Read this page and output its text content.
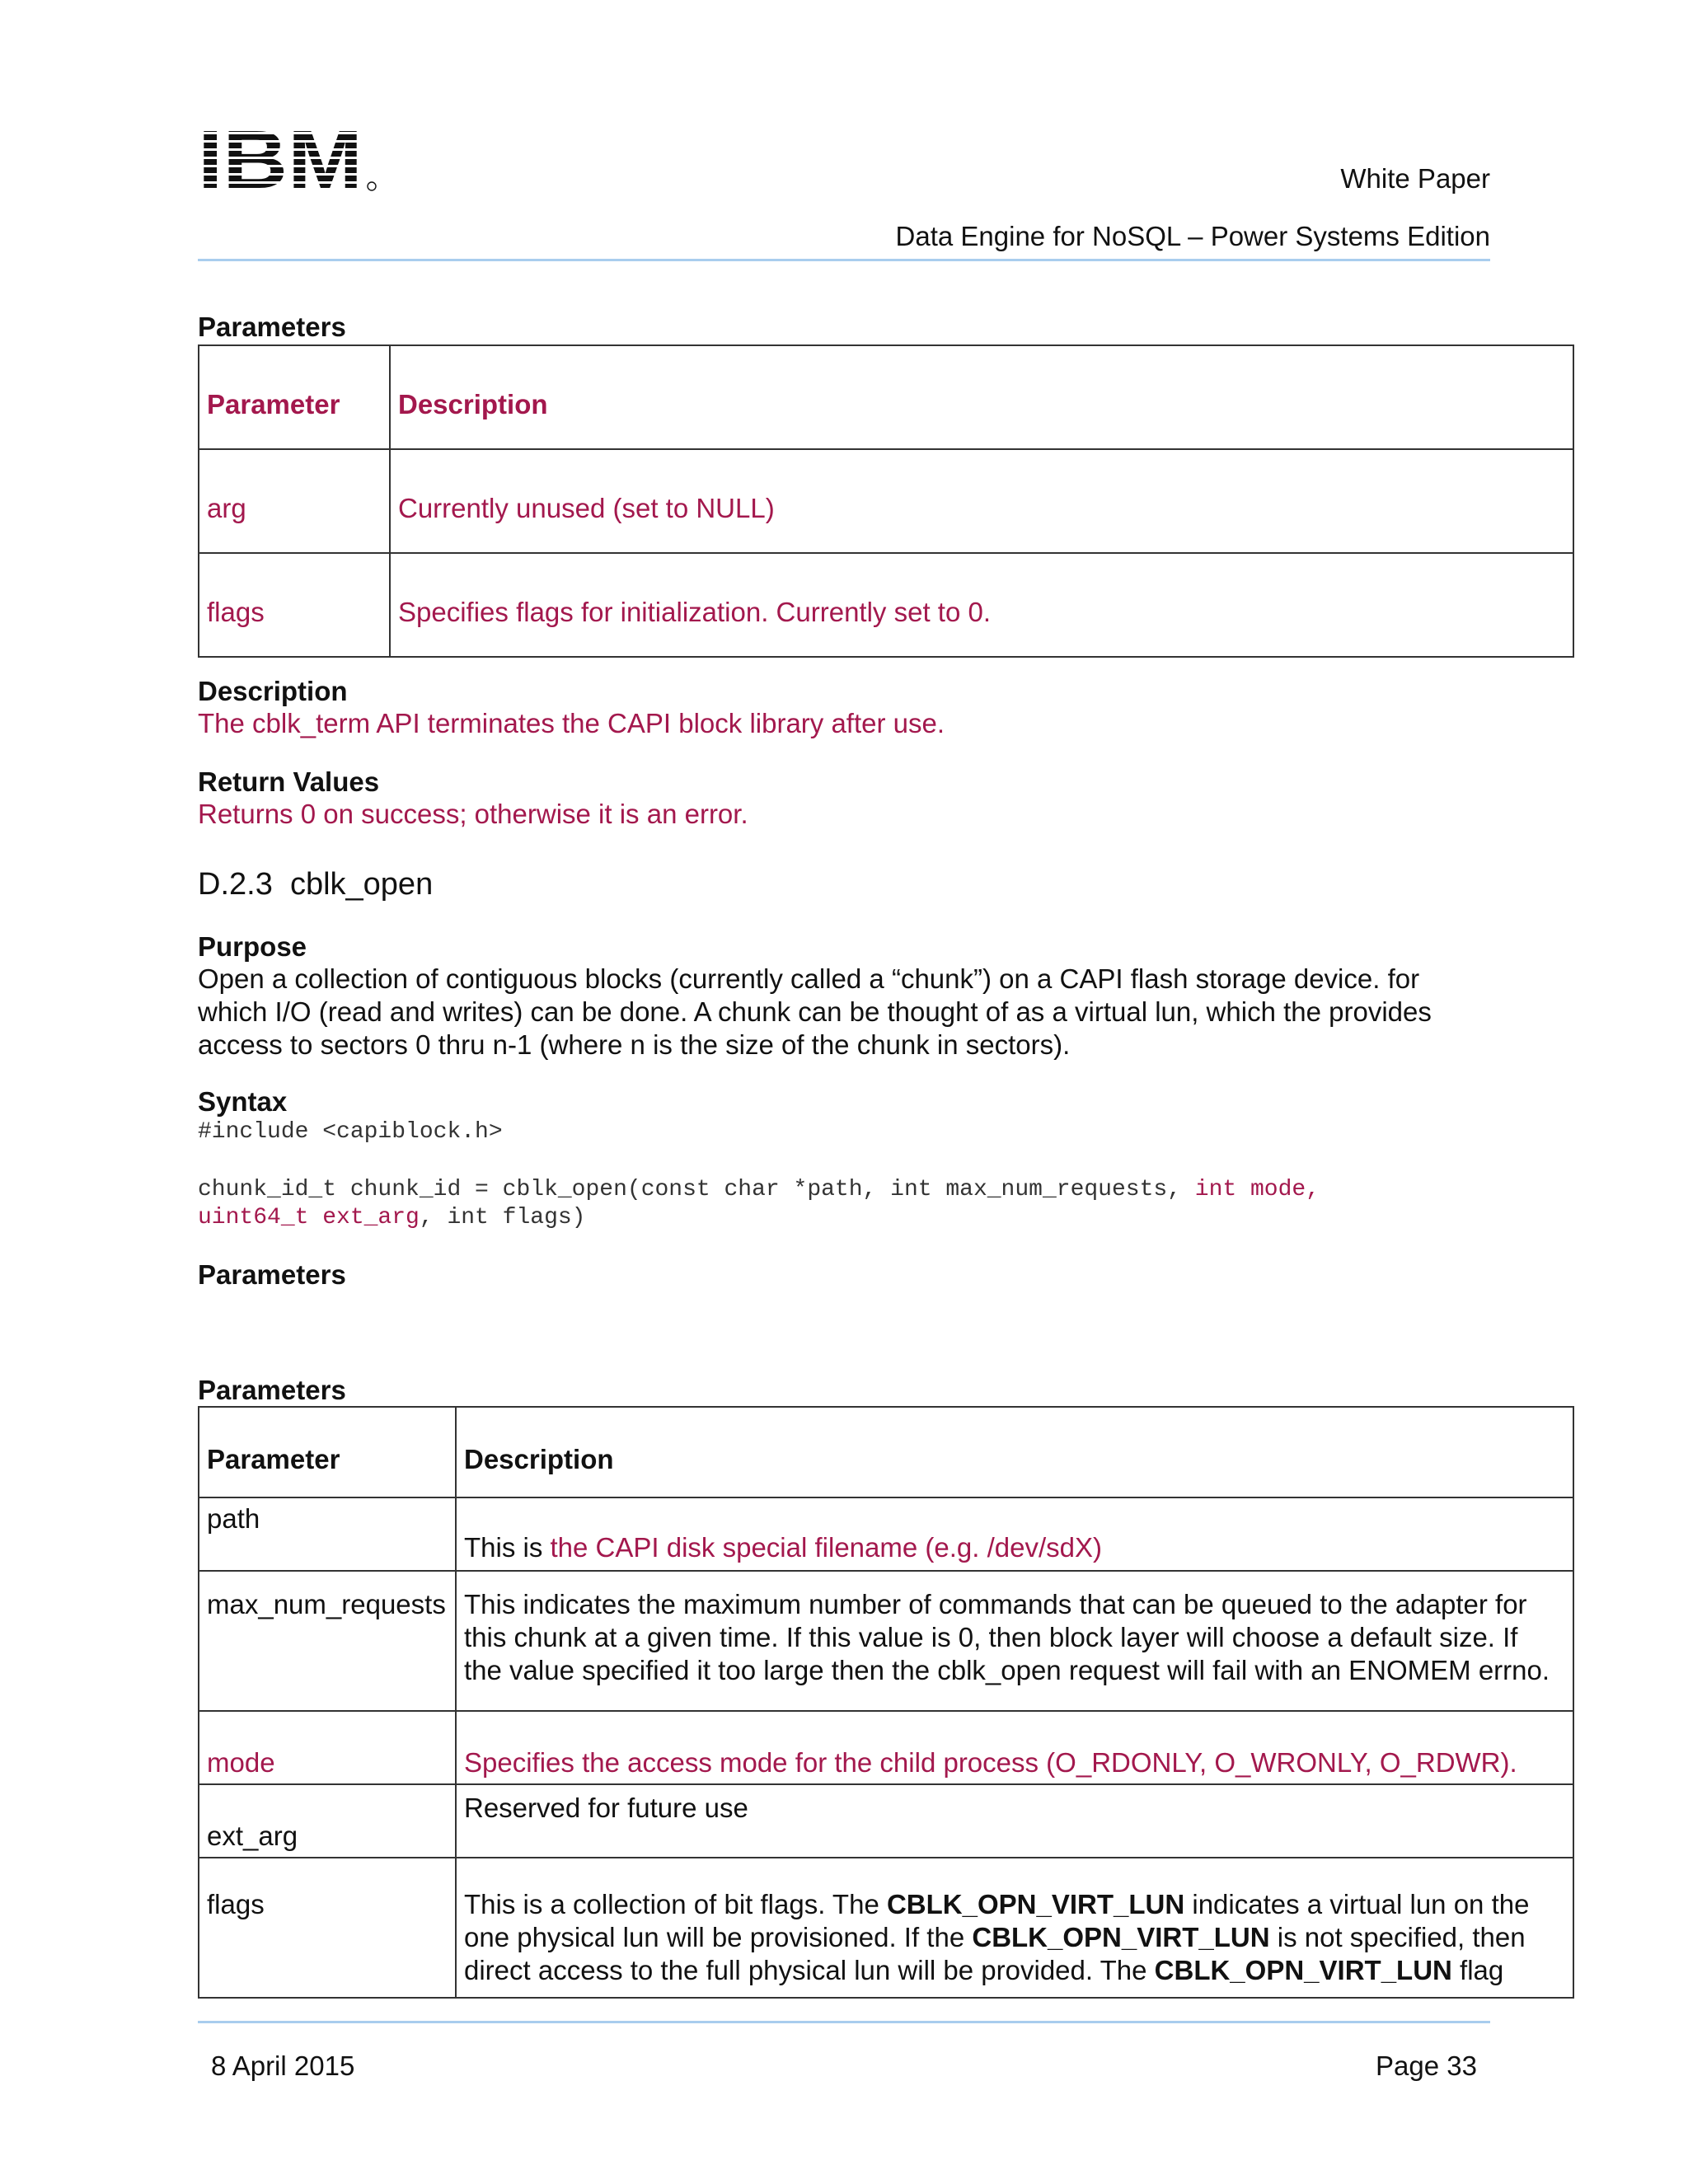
White Paper
Data Engine for NoSQL – Power Systems Edition
Parameters
Parameter	Description
arg	Currently unused (set to NULL)
flags	Specifies flags for initialization. Currently set to 0.
Description
The cblk_term API terminates the CAPI block library after use.
Return Values
Returns 0 on success; otherwise it is an error.
D.2.3 cblk_open
Purpose
Open a collection of contiguous blocks (currently called a “chunk”) on a CAPI flash storage device. for
which I/O (read and writes) can be done. A chunk can be thought of as a virtual lun, which the provides
access to sectors 0 thru n-1 (where n is the size of the chunk in sectors).
Syntax
#include <capiblock.h>
chunk_id_t chunk_id = cblk_open(const char *path, int max_num_requests, int mode,
uint64_t ext_arg, int flags)
Parameters
Parameters
Parameter	Description
path	This is the CAPI disk special filename (e.g. /dev/sdX)
max_num_requests	This indicates the maximum number of commands that can be queued to the adapter for
this chunk at a given time. If this value is 0, then block layer will choose a default size. If
the value specified it too large then the cblk_open request will fail with an ENOMEM errno.

mode	Specifies the access mode for the child process (O_RDONLY, O_WRONLY, O_RDWR).
ext_arg	Reserved for future use
flags	This is a collection of bit flags. The CBLK_OPN_VIRT_LUN indicates a virtual lun on the
one physical lun will be provisioned. If the CBLK_OPN_VIRT_LUN is not specified, then
direct access to the full physical lun will be provided. The CBLK_OPN_VIRT_LUN flag
8 April 2015	Page 33
